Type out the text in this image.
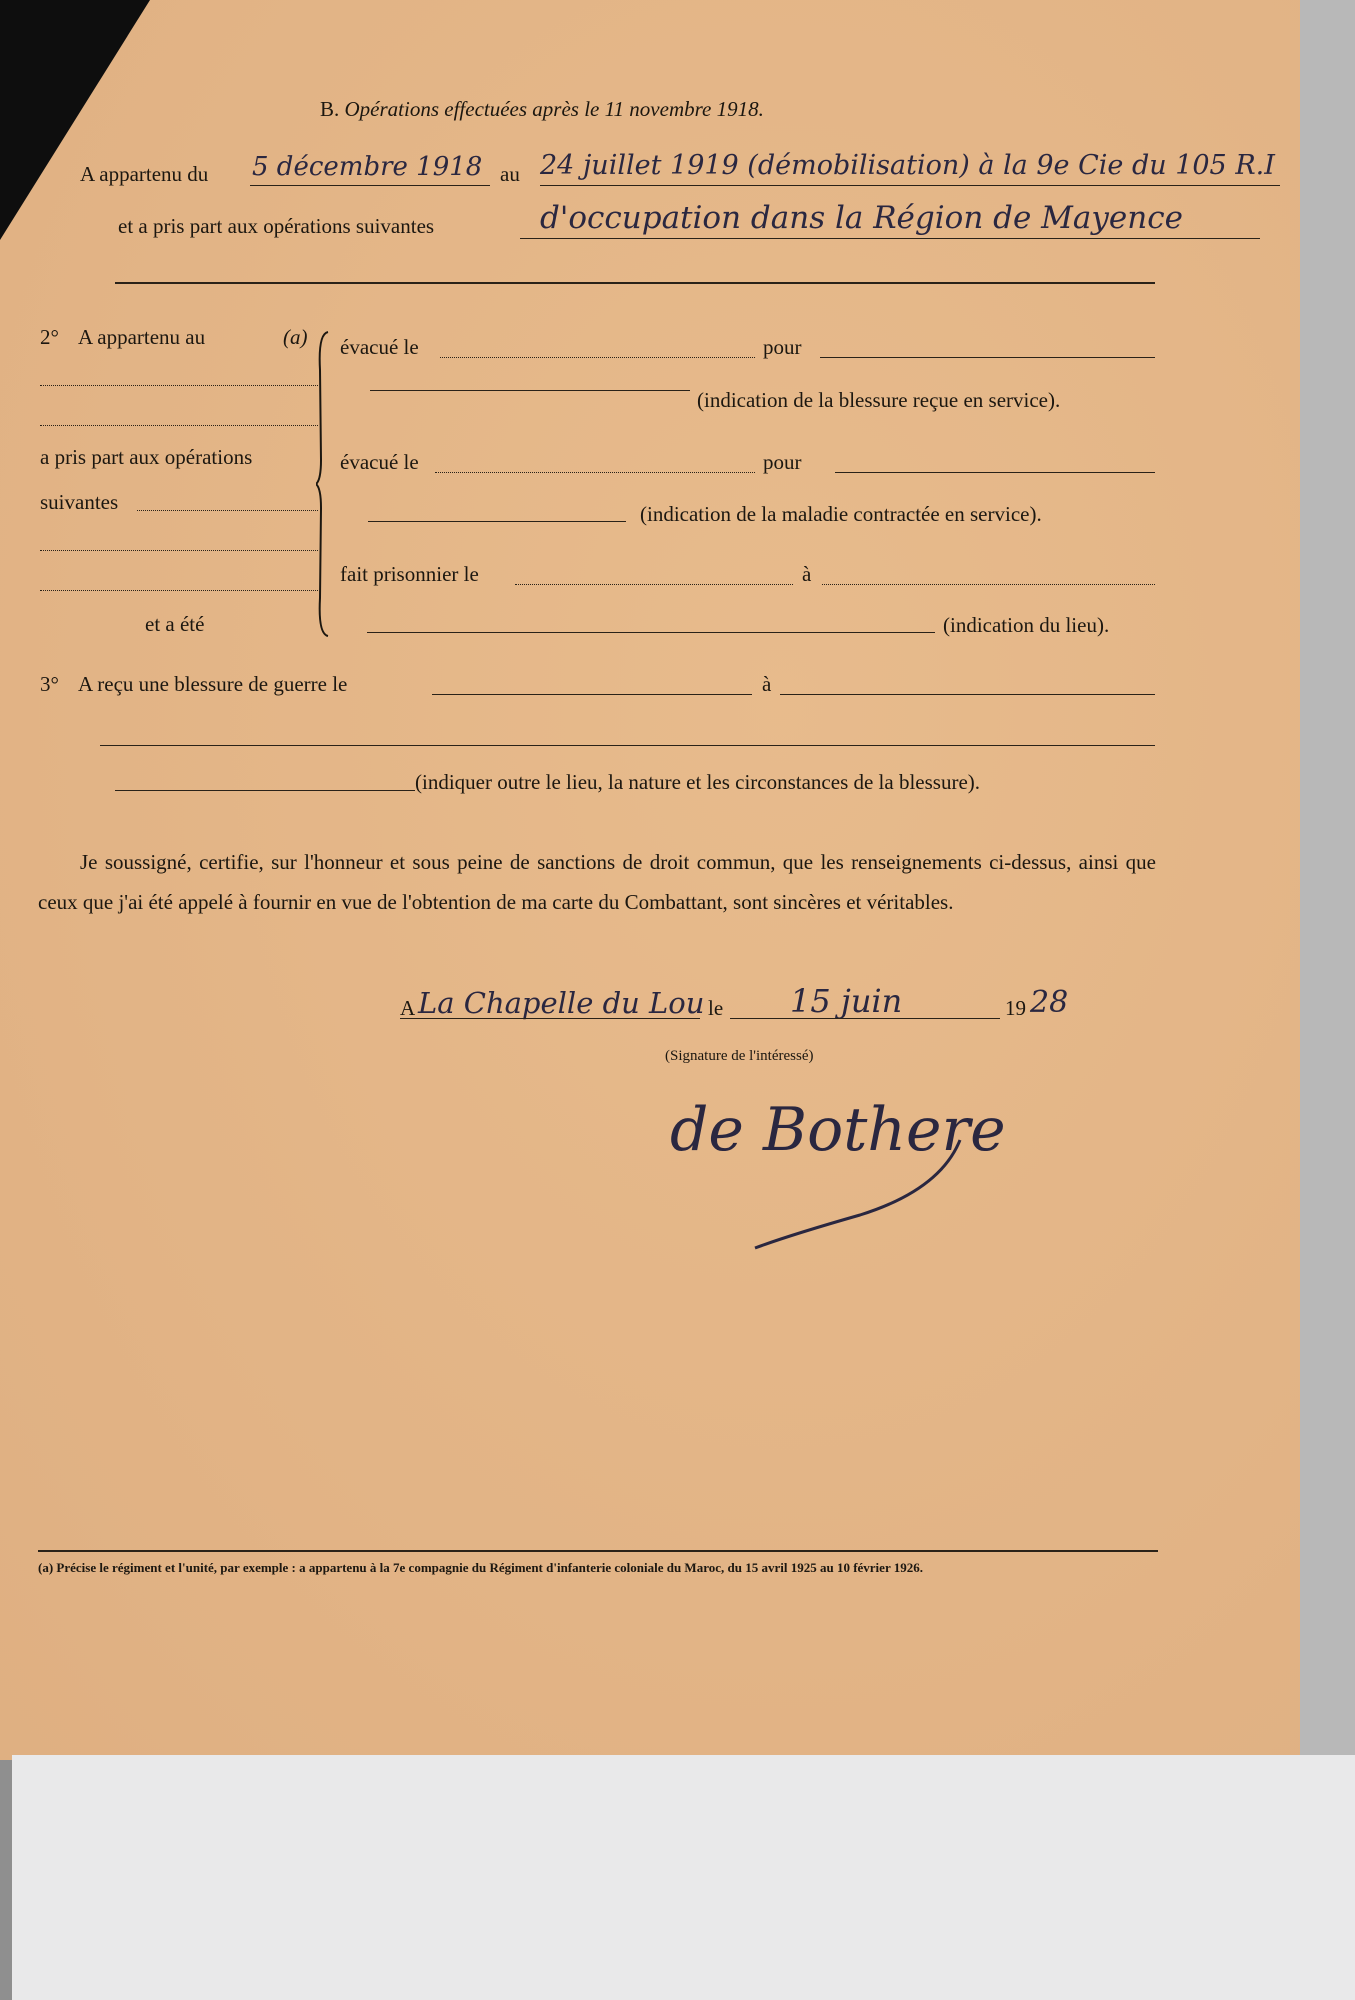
B. Opérations effectuées après le 11 novembre 1918.
A appartenu du 5 décembre 1918 au 24 juillet 1919 (démobilisation) à la 9e Cie du 105 R.I
et a pris part aux opérations suivantes	d'occupation dans la Région de Mayence
2° A appartenu au	(a)
a pris part aux opérations
suivantes
et a été
évacué le	pour
(indication de la blessure reçue en service).
évacué le	pour
(indication de la maladie contractée en service).
fait prisonnier le	à
(indication du lieu).
3° A reçu une blessure de guerre le	à
(indiquer outre le lieu, la nature et les circonstances de la blessure).
Je soussigné, certifie, sur l'honneur et sous peine de sanctions de droit commun, que les renseignements ci-dessus, ainsi que ceux que j'ai été appelé à fournir en vue de l'obtention de ma carte du Combattant, sont sincères et véritables.
A La Chapelle du Lou le 15 juin	19 28
(Signature de l'intéressé)
de Bothere
(a) Précise le régiment et l'unité, par exemple : a appartenu à la 7e compagnie du Régiment d'infanterie coloniale du Maroc, du 15 avril 1925 au 10 février 1926.
